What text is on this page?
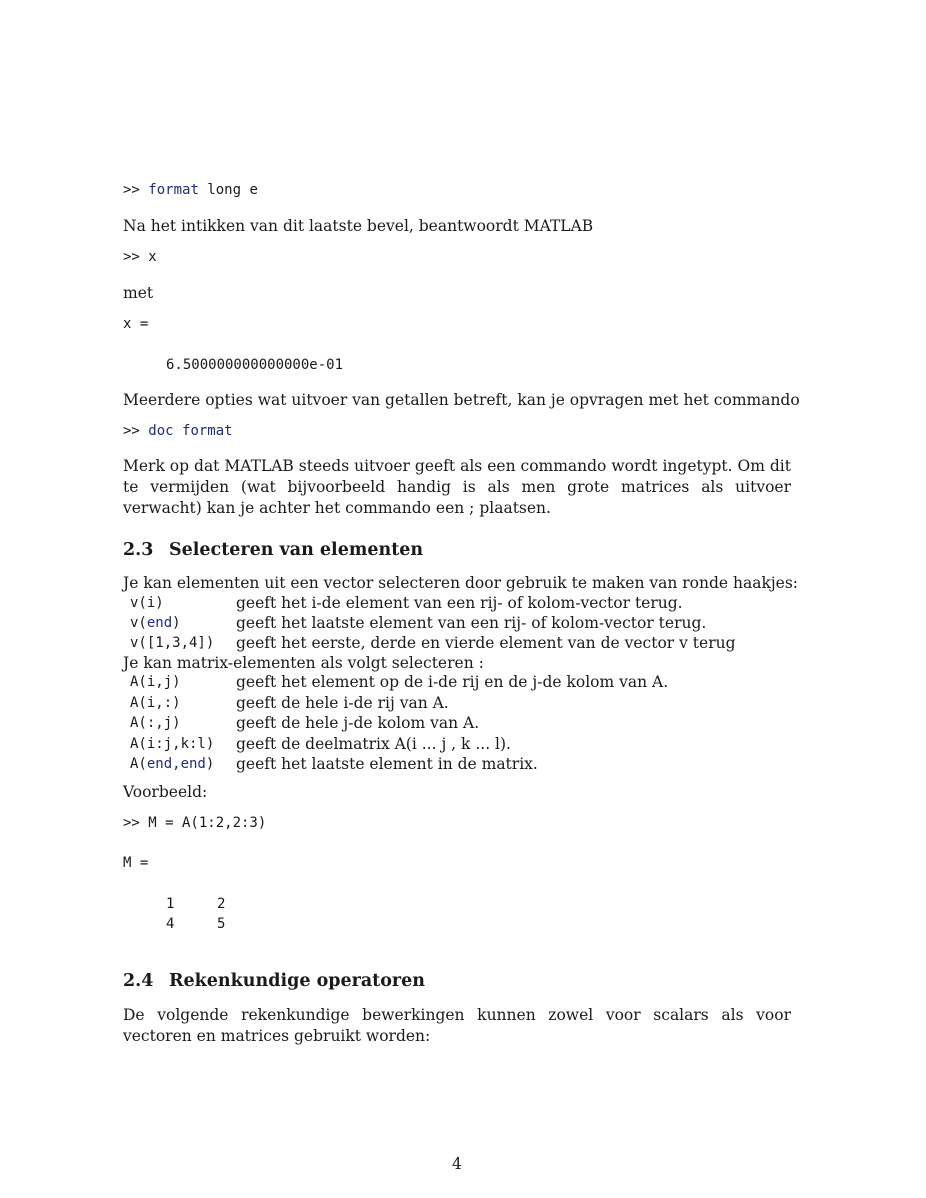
>> format long e
Na het intikken van dit laatste bevel, beantwoordt MATLAB
>> x
met
x =
6.500000000000000e-01
Meerdere opties wat uitvoer van getallen betreft, kan je opvragen met het commando
>> doc format
Merk op dat MATLAB steeds uitvoer geeft als een commando wordt ingetypt. Om dit te vermijden (wat bijvoorbeeld handig is als men grote matrices als uitvoer verwacht) kan je achter het commando een ; plaatsen.
2.3 Selecteren van elementen
Je kan elementen uit een vector selecteren door gebruik te maken van ronde haakjes:
v(i)	geeft het i-de element van een rij- of kolom-vector terug.
v(end)	geeft het laatste element van een rij- of kolom-vector terug.
v([1,3,4]) geeft het eerste, derde en vierde element van de vector v terug
Je kan matrix-elementen als volgt selecteren :
A(i,j)	geeft het element op de i-de rij en de j-de kolom van A.
A(i,:)	geeft de hele i-de rij van A.
A(:,j)	geeft de hele j-de kolom van A.
A(i:j,k:l) geeft de deelmatrix A(i ... j , k ... l).
A(end,end) geeft het laatste element in de matrix.
Voorbeeld:
>> M = A(1:2,2:3)
M =
1	2
4	5
2.4 Rekenkundige operatoren
De volgende rekenkundige bewerkingen kunnen zowel voor scalars als voor vectoren en matrices gebruikt worden:
4
